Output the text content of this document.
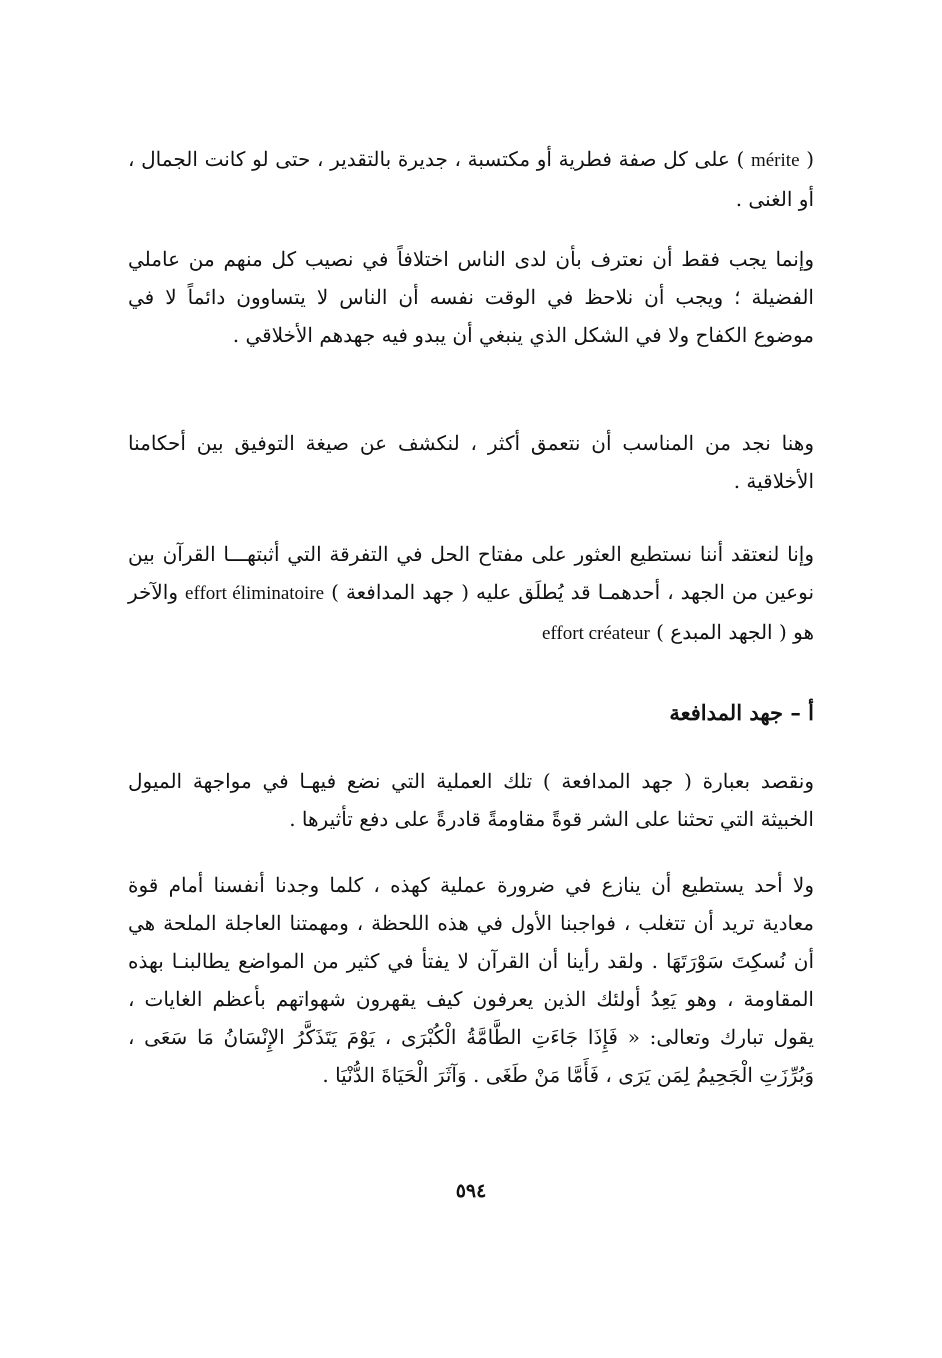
( mérite ) على كل صفة فطرية أو مكتسبة ، جديرة بالتقدير ، حتى لو كانت الجمال ، أو الغنى .
وإنما يجب فقط أن نعترف بأن لدى الناس اختلافاً في نصيب كل منهم من عاملي الفضيلة ؛ ويجب أن نلاحظ في الوقت نفسه أن الناس لا يتساوون دائماً لا في موضوع الكفاح ولا في الشكل الذي ينبغي أن يبدو فيه جهدهم الأخلاقي .
وهنا نجد من المناسب أن نتعمق أكثر ، لنكشف عن صيغة التوفيق بين أحكامنا الأخلاقية .
وإنا لنعتقد أننا نستطيع العثور على مفتاح الحل في التفرقة التي أثبتهـــا القرآن بين نوعين من الجهد ، أحدهمـا قد يُطلَق عليه ( جهد المدافعة ) effort éliminatoire والآخر هو ( الجهد المبدع ) effort créateur
أ – جهد المدافعة
ونقصد بعبارة ( جهد المدافعة ) تلك العملية التي نضع فيهـا في مواجهة الميول الخبيثة التي تحثنا على الشر قوةً مقاومةً قادرةً على دفع تأثيرها .
ولا أحد يستطيع أن ينازع في ضرورة عملية كهذه ، كلما وجدنا أنفسنا أمام قوة معادية تريد أن تتغلب ، فواجبنا الأول في هذه اللحظة ، ومهمتنا العاجلة الملحة هي أن نُسكِتَ سَوْرَتَهَا . ولقد رأينا أن القرآن لا يفتأ في كثير من المواضع يطالبنـا بهذه المقاومة ، وهو يَعِدُ أولئك الذين يعرفون كيف يقهرون شهواتهم بأعظم الغايات ، يقول تبارك وتعالى: « فَإِذَا جَاءَتِ الطَّامَّةُ الْكُبْرَى ، يَوْمَ يَتَذَكَّرُ الإِنْسَانُ مَا سَعَى ، وَبُرِّزَتِ الْجَحِيمُ لِمَن يَرَى ، فَأَمَّا مَنْ طَغَى . وَآثَرَ الْحَيَاةَ الدُّنْيَا .
٥٩٤
